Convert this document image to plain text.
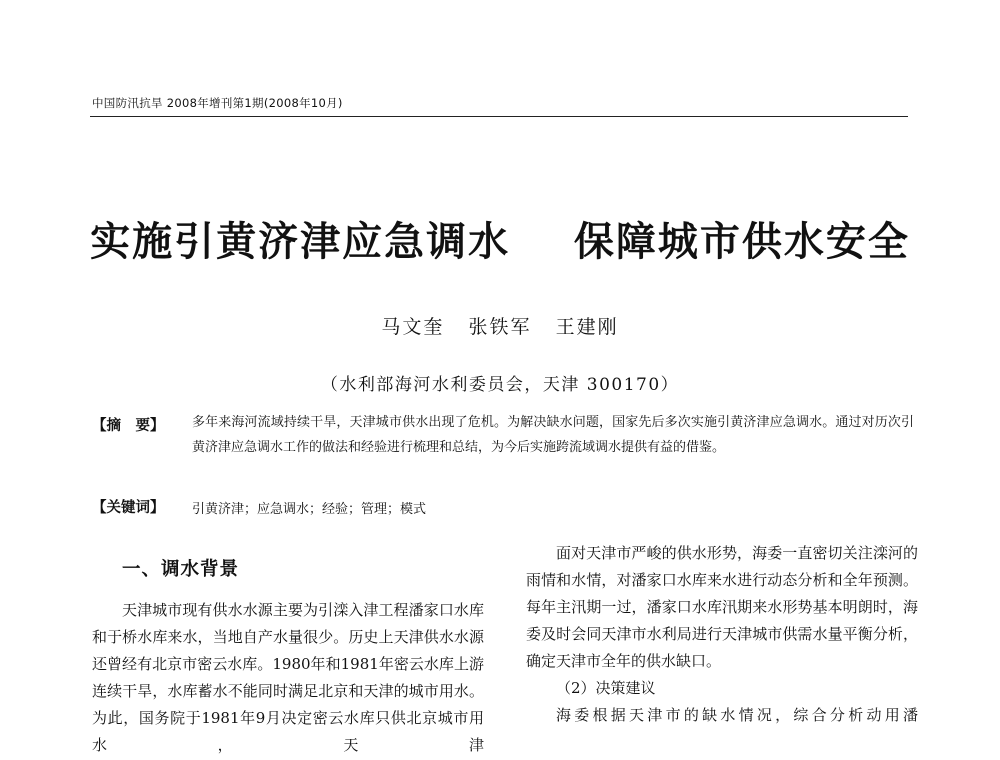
中国防汛抗旱 2008年增刊第1期(2008年10月)
实施引黄济津应急调水    保障城市供水安全
马文奎   张铁军   王建刚
（水利部海河水利委员会，天津 300170）
【摘　要】 多年来海河流域持续干旱，天津城市供水出现了危机。为解决缺水问题，国家先后多次实施引黄济津应急调水。通过对历次引黄济津应急调水工作的做法和经验进行梳理和总结，为今后实施跨流域调水提供有益的借鉴。
【关键词】 引黄济津；应急调水；经验；管理；模式
一、调水背景

天津城市现有供水水源主要为引滦入津工程潘家口水库和于桥水库来水，当地自产水量很少。历史上天津供水水源还曾经有北京市密云水库。1980年和1981年密云水库上游连续干旱，水库蓄水不能同时满足北京和天津的城市用水。为此，国务院于1981年9月决定密云水库只供北京城市用水，天津

面对天津市严峻的供水形势，海委一直密切关注滦河的雨情和水情，对潘家口水库来水进行动态分析和全年预测。每年主汛期一过，潘家口水库汛期来水形势基本明朗时，海委及时会同天津市水利局进行天津城市供需水量平衡分析，确定天津市全年的供水缺口。

（2）决策建议

海委根据天津市的缺水情况，综合分析动用潘
